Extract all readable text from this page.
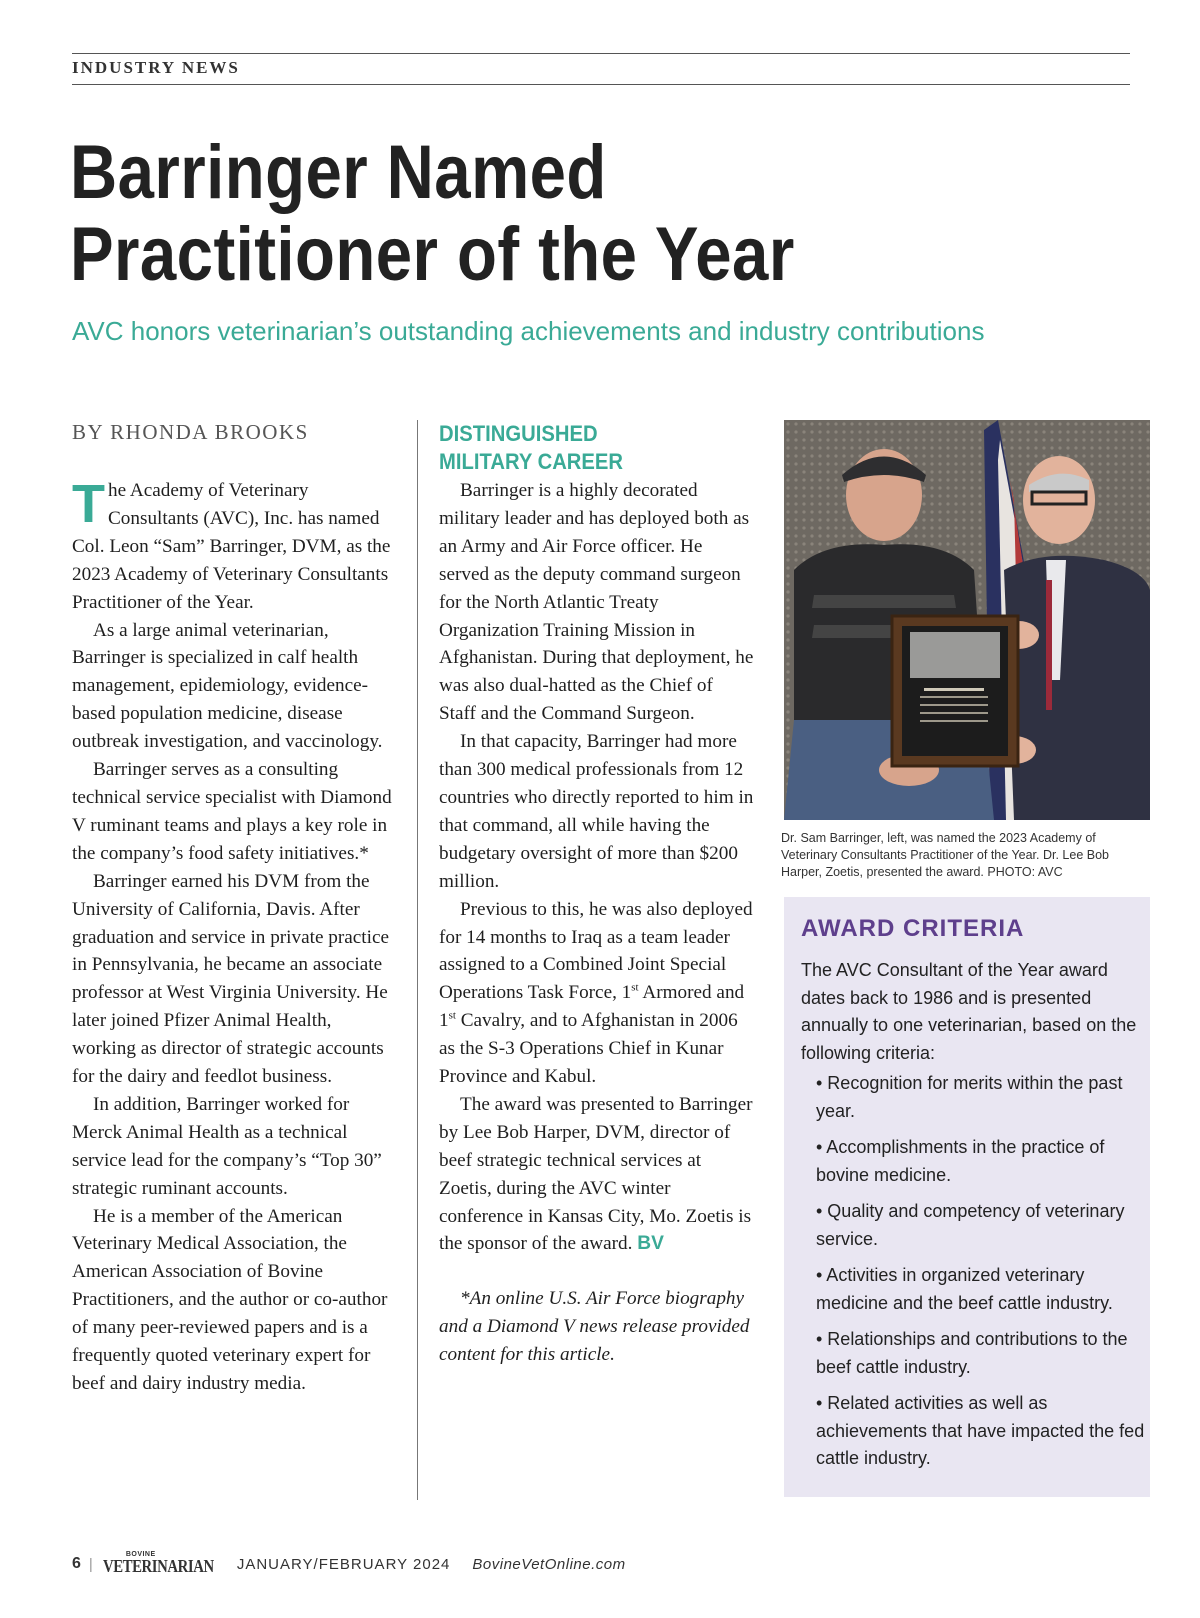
INDUSTRY NEWS
Barringer Named
Practitioner of the Year
AVC honors veterinarian’s outstanding achievements and industry contributions
BY RHONDA BROOKS

The Academy of Veterinary Consultants (AVC), Inc. has named Col. Leon “Sam” Barringer, DVM, as the 2023 Academy of Veterinary Consultants Practitioner of the Year.

As a large animal veterinarian, Barringer is specialized in calf health management, epidemiology, evidence-based population medicine, disease outbreak investigation, and vaccinology.

Barringer serves as a consulting technical service specialist with Diamond V ruminant teams and plays a key role in the company’s food safety initiatives.*

Barringer earned his DVM from the University of California, Davis. After graduation and service in private practice in Pennsylvania, he became an associate professor at West Virginia University. He later joined Pfizer Animal Health, working as director of strategic accounts for the dairy and feedlot business.

In addition, Barringer worked for Merck Animal Health as a technical service lead for the company’s “Top 30” strategic ruminant accounts.

He is a member of the American Veterinary Medical Association, the American Association of Bovine Practitioners, and the author or co-author of many peer-reviewed papers and is a frequently quoted veterinary expert for beef and dairy industry media.

DISTINGUISHED
MILITARY CAREER

Barringer is a highly decorated military leader and has deployed both as an Army and Air Force officer. He served as the deputy command surgeon for the North Atlantic Treaty Organization Training Mission in Afghanistan. During that deployment, he was also dual-hatted as the Chief of Staff and the Command Surgeon.

In that capacity, Barringer had more than 300 medical professionals from 12 countries who directly reported to him in that command, all while having the budgetary oversight of more than $200 million.

Previous to this, he was also deployed for 14 months to Iraq as a team leader assigned to a Combined Joint Special Operations Task Force, 1st Armored and 1st Cavalry, and to Afghanistan in 2006 as the S-3 Operations Chief in Kunar Province and Kabul.

The award was presented to Barringer by Lee Bob Harper, DVM, director of beef strategic technical services at Zoetis, during the AVC winter conference in Kansas City, Mo. Zoetis is the sponsor of the award. BV

*An online U.S. Air Force biography and a Diamond V news release provided content for this article.

Dr. Sam Barringer, left, was named the 2023 Academy of Veterinary Consultants Practitioner of the Year. Dr. Lee Bob Harper, Zoetis, presented the award. PHOTO: AVC
AWARD CRITERIA
The AVC Consultant of the Year award dates back to 1986 and is presented annually to one veterinarian, based on the following criteria:
• Recognition for merits within the past year.
• Accomplishments in the practice of bovine medicine.
• Quality and competency of veterinary service.
• Activities in organized veterinary medicine and the beef cattle industry.
• Relationships and contributions to the beef cattle industry.
• Related activities as well as achievements that have impacted the fed cattle industry.
6 |
BOVINE
VETERINARIAN JANUARY/FEBRUARY 2024 BovineVetOnline.com
